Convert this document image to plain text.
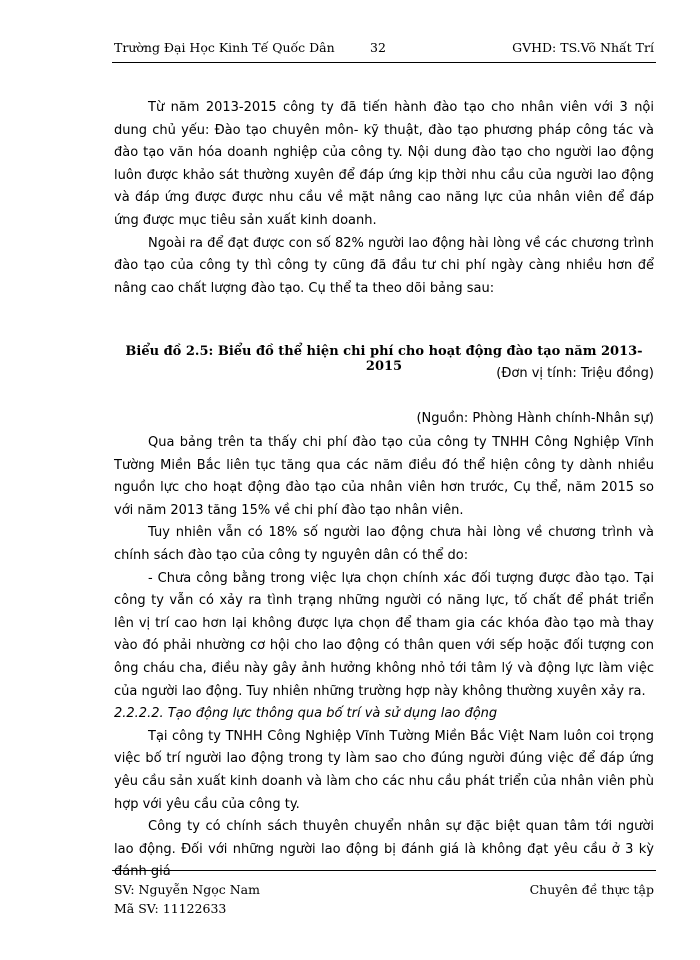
Trường Đại Học Kinh Tế Quốc Dân	32	GVHD: TS.Võ Nhất Trí

Từ năm 2013-2015 công ty đã tiến hành đào tạo cho nhân viên với 3 nội dung chủ yếu: Đào tạo chuyên môn- kỹ thuật, đào tạo phương pháp công tác và đào tạo văn hóa doanh nghiệp của công ty. Nội dung đào tạo cho người lao động luôn được khảo sát thường xuyên để đáp ứng kịp thời nhu cầu của người lao động và đáp ứng được được nhu cầu về mặt nâng cao năng lực của nhân viên để đáp ứng được mục tiêu sản xuất kinh doanh.

Ngoài ra để đạt được con số 82% người lao động hài lòng về các chương trình đào tạo của công ty thì công ty cũng đã đầu tư chi phí ngày càng nhiều hơn để nâng cao chất lượng đào tạo. Cụ thể ta theo dõi bảng sau:

Biểu đồ 2.5: Biểu đồ thể hiện chi phí cho hoạt động đào tạo năm 2013-2015	(Đơn vị tính: Triệu đồng)
(Nguồn: Phòng Hành chính-Nhân sự)

Qua bảng trên ta thấy chi phí đào tạo của công ty TNHH Công Nghiệp Vĩnh Tường Miền Bắc liên tục tăng qua các năm điều đó thể hiện công ty dành nhiều nguồn lực cho hoạt động đào tạo của nhân viên hơn trước, Cụ thể, năm 2015 so với năm 2013 tăng 15% về chi phí đào tạo nhân viên.

Tuy nhiên vẫn có 18% số người lao động chưa hài lòng về chương trình và chính sách đào tạo của công ty nguyên dân có thể do:

- Chưa công bằng trong việc lựa chọn chính xác đối tượng được đào tạo. Tại công ty vẫn có xảy ra tình trạng những người có năng lực, tố chất để phát triển lên vị trí cao hơn lại không được lựa chọn để tham gia các khóa đào tạo mà thay vào đó phải nhường cơ hội cho lao động có thân quen với sếp hoặc đối tượng con ông cháu cha, điều này gây ảnh hưởng không nhỏ tới tâm lý và động lực làm việc của người lao động. Tuy nhiên những trường hợp này không thường xuyên xảy ra.

2.2.2.2. Tạo động lực thông qua bố trí và sử dụng lao động

Tại công ty TNHH Công Nghiệp Vĩnh Tường Miền Bắc Việt Nam luôn coi trọng việc bố trí người lao động trong ty làm sao cho đúng người đúng việc để đáp ứng yêu cầu sản xuất kinh doanh và làm cho các nhu cầu phát triển của nhân viên phù hợp với yêu cầu của công ty.

Công ty có chính sách thuyên chuyển nhân sự đặc biệt quan tâm tới người lao động. Đối với những người lao động bị đánh giá là không đạt yêu cầu ở 3 kỳ đánh giá

SV: Nguyễn Ngọc Nam
Mã SV: 11122633
Chuyên đề thực tập
